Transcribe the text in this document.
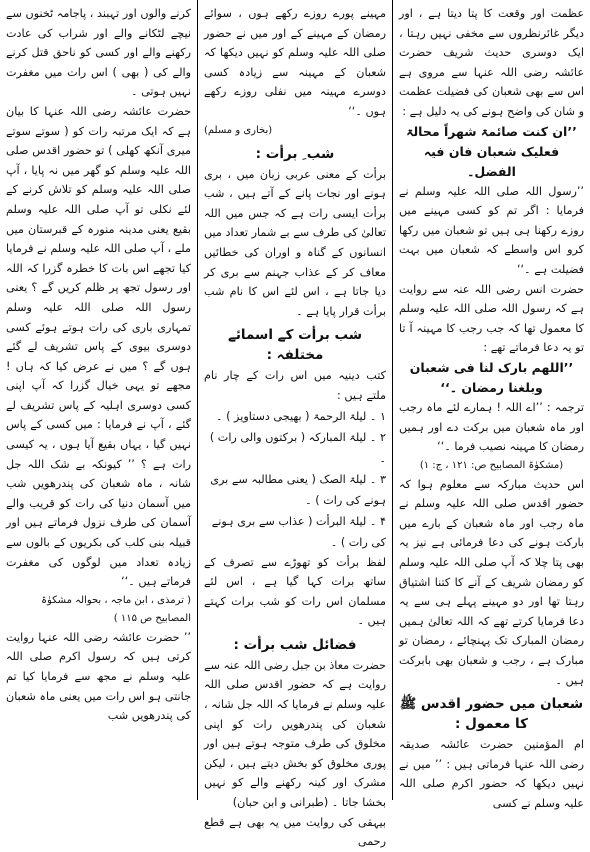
عظمت اور وقعت کا پتا دیتا ہے ، اور دیگر غائرنظروں سے مخفی نہیں رہتا ، ایک دوسری حدیث شریف حضرت عائشہ رضی اللہ عنہا سے مروی ہے اس سے بھی شعبان کی فضیلت عظمت و شان کی واضح ہونے کی یہ دلیل ہے :

’’ان کنت صائمۃ شھراً محالۃ فعلیک شعبان فان فیہ الفضل۔

’’رسول اللہ صلی اللہ علیہ وسلم نے فرمایا : اگر تم کو کسی مہینے میں روزے رکھنا ہی ہیں تو شعبان میں رکھا کرو اس واسطے کہ شعبان میں بہت فضیلت ہے ۔‘‘

حضرت انس رضی اللہ عنہ سے روایت ہے کہ رسول اللہ صلی اللہ علیہ وسلم کا معمول تھا کہ جب رجب کا مہینہ آ تا تو یہ دعا فرماتے تھے :

’’اللھم بارک لنا فی شعبان وبلغنا رمضان ۔‘‘

ترجمہ : ’’اے اللہ ! ہمارے لئے ماہ رجب اور ماہ شعبان میں برکت دے اور ہمیں رمضان کا مہینہ نصیب فرما ۔‘‘

(مشکوٰۃ المصابیح ص: ۱۲۱ ، ج: ۱)

اس حدیث مبارکہ سے معلوم ہوا کہ حضور اقدس صلی اللہ علیہ وسلم نے ماہ رجب اور ماہ شعبان کے بارے میں بارکت ہونے کی دعا فرمائی ہے نیز یہ بھی پتا چلا کہ آپ صلی اللہ علیہ وسلم کو رمضان شریف کے آنے کا کتنا اشتیاق رہتا تھا اور دو مہینے پہلے ہی سے یہ دعا فرمایا کرتے تھے کہ اللہ تعالیٰ ہمیں رمضان المبارک تک پہنچائے ، رمضان تو مبارک ہے ، رجب و شعبان بھی بابرکت ہیں ۔

شعبان میں حضور اقدس ﷺ کا معمول :

ام المؤمنین حضرت عائشہ صدیقہ رضی اللہ عنہا فرماتی ہیں : ’’ میں نے نہیں دیکھا کہ حضور اکرم صلی اللہ علیہ وسلم نے کسی

مہینے پورے روزے رکھے ہوں ، سوائے رمضان کے مہینے کے اور میں نے حضور صلی اللہ علیہ وسلم کو نہیں دیکھا کہ شعبان کے مہینہ سے زیادہ کسی دوسرے مہینہ میں نفلی روزے رکھے ہوں ۔‘‘

(بخاری و مسلم)

شب ِ برأت :

برأت کے معنی عربی زبان میں ، بری ہونے اور نجات پانے کے آتے ہیں ، شب برأت ایسی رات ہے کہ جس میں اللہ تعالیٰ کی طرف سے بے شمار تعداد میں انسانوں کے گناہ و اوران کی خطائیں معاف کر کے عذاب جہنم سے بری کر دیا جاتا ہے ، اس لئے اس کا نام شب برأت قرار پایا ہے ۔

شب برأت کے اسمائے مختلفہ :

کتب دینیہ میں اس رات کے چار نام ملتے ہیں :

۱ ۔ لیلۃ الرحمۃ ( بھیجی دستاویز ) ۔

۲ ۔ لیلۃ المبارکہ ( برکتوں والی رات ) ۔

۳ ۔ لیلۃ الصک ( یعنی مطالبہ سے بری ہونے کی رات ) ۔

۴ ۔ لیلۃ البرأت ( عذاب سے بری ہونے کی رات ) ۔

لفظ برأت کو تھوڑے سے تصرف کے ساتھ برات کہا گیا ہے ، اس لئے مسلمان اس رات کو شب برات کہتے ہیں ۔

فضائل شب برأت :

حضرت معاذ بن جبل رضی اللہ عنہ سے روایت ہے کہ حضور اقدس صلی اللہ علیہ وسلم نے فرمایا کہ اللہ جل شانہ ، شعبان کی پندرھویں رات کو اپنی مخلوق کی طرف متوجہ ہوتے ہیں اور پوری مخلوق کو بخش دیتے ہیں ، لیکن مشرک اور کینہ رکھنے والے کو نہیں بخشا جاتا ۔ (طبرانی و ابن حبان)

بیہقی کی روایت میں یہ بھی ہے قطع رحمی

کرنے والوں اور تہبند ، پاجامہ ٹخنوں سے نیچے لٹکانے والے اور شراب کی عادت رکھنے والے اور کسی کو ناحق قتل کرنے والے کی ( بھی ) اس رات میں مغفرت نہیں ہوتی ۔

حضرت عائشہ رضی اللہ عنہا کا بیان ہے کہ ایک مرتبہ رات کو ( سوتے سوتے میری آنکھ کھلی ) تو حضور اقدس صلی اللہ علیہ وسلم کو گھر میں نہ پایا ، آپ صلی اللہ علیہ وسلم کو تلاش کرنے کے لئے نکلی تو آپ صلی اللہ علیہ وسلم بقیع یعنی مدینہ منورہ کے قبرستان میں ملے ، آپ صلی اللہ علیہ وسلم نے فرمایا کیا تجھے اس بات کا خطرہ گزرا کہ اللہ اور رسول تجھ پر ظلم کریں گے ؟ یعنی رسول اللہ صلی اللہ علیہ وسلم تمہاری باری کی رات ہوتے ہوئے کسی دوسری بیوی کے پاس تشریف لے گئے ہوں گے ؟ میں نے عرض کیا کہ ہاں ! مجھے تو یہی خیال گزرا کہ آپ اپنی کسی دوسری اہلیہ کے پاس تشریف لے گئے ، آپ نے فرمایا : میں کسی کے پاس نہیں گیا ، یہاں بقیع آیا ہوں ، یہ کیسی رات ہے ؟ ’’ کیونکہ بے شک اللہ جل شانہ ، ماہ شعبان کی پندرھویں شب میں آسمان دنیا کی رات کو قریب والے آسمان کی طرف نزول فرماتے ہیں اور قبیلہ بنی کلب کی بکریوں کے بالوں سے زیادہ تعداد میں لوگوں کی مغفرت فرماتے ہیں ۔‘‘

( ترمذی ، ابن ماجہ ، بحوالہ مشکوٰۃ المصابیح ص ۱۱۵ )

’’ حضرت عائشہ رضی اللہ عنہا روایت کرتی ہیں کہ رسول اکرم صلی اللہ علیہ وسلم نے مجھ سے فرمایا کیا تم جانتی ہو اس رات میں یعنی ماہ شعبان کی پندرھویں شب
